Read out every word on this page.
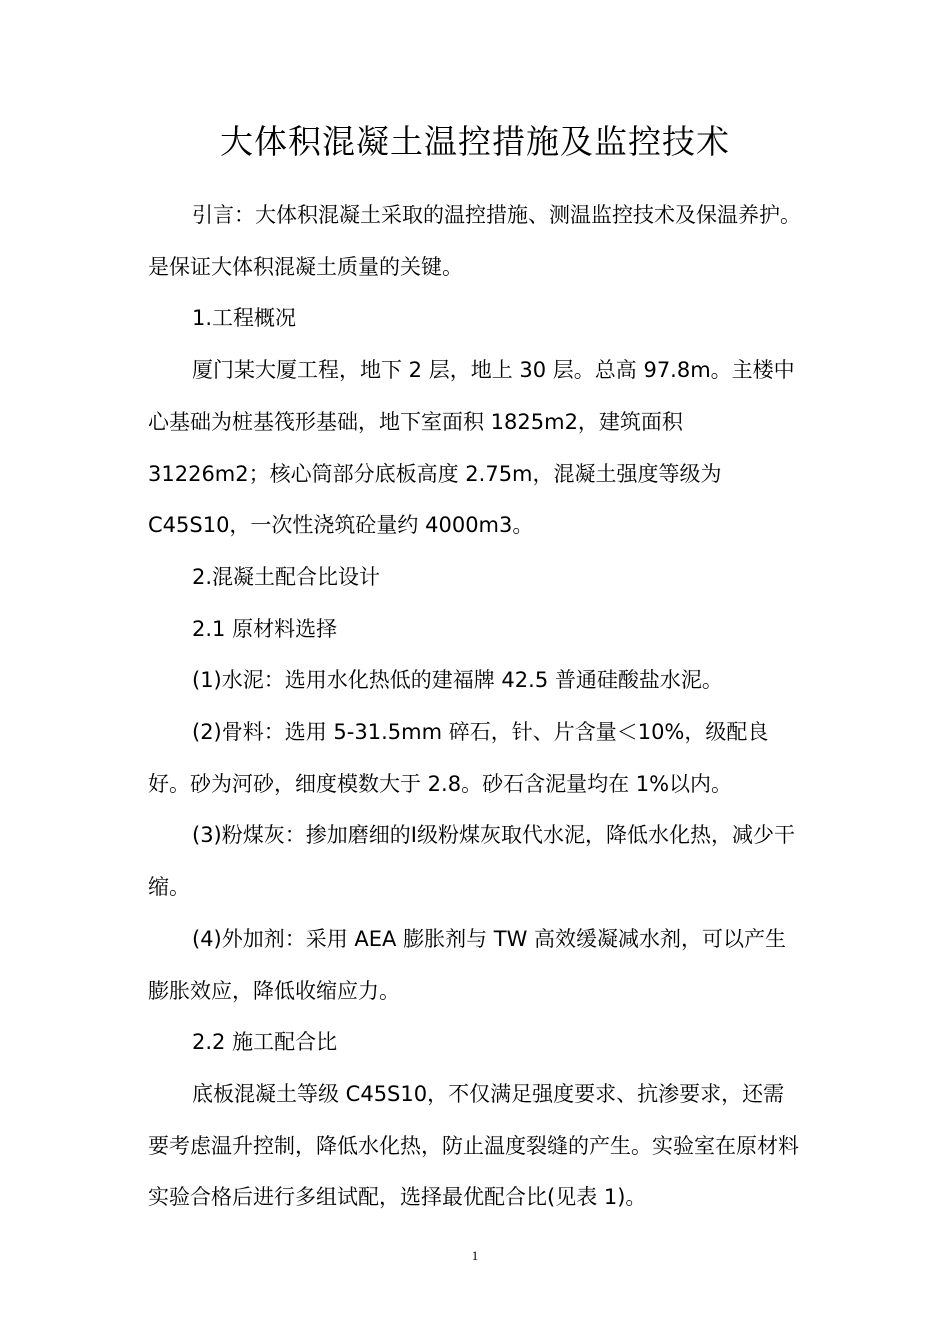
大体积混凝土温控措施及监控技术

引言：大体积混凝土采取的温控措施、测温监控技术及保温养护。是保证大体积混凝土质量的关键。

1.工程概况

厦门某大厦工程，地下 2 层，地上 30 层。总高 97.8m。主楼中心基础为桩基筏形基础，地下室面积 1825m2，建筑面积 31226m2；核心筒部分底板高度 2.75m，混凝土强度等级为 C45S10，一次性浇筑砼量约 4000m3。

2.混凝土配合比设计

2.1 原材料选择

(1)水泥：选用水化热低的建福牌 42.5 普通硅酸盐水泥。

(2)骨料：选用 5-31.5mm 碎石，针、片含量＜10%，级配良好。砂为河砂，细度模数大于 2.8。砂石含泥量均在 1%以内。

(3)粉煤灰：掺加磨细的Ⅰ级粉煤灰取代水泥，降低水化热，减少干缩。

(4)外加剂：采用 AEA 膨胀剂与 TW 高效缓凝减水剂，可以产生膨胀效应，降低收缩应力。

2.2 施工配合比

底板混凝土等级 C45S10，不仅满足强度要求、抗渗要求，还需要考虑温升控制，降低水化热，防止温度裂缝的产生。实验室在原材料实验合格后进行多组试配，选择最优配合比(见表 1)。

1
